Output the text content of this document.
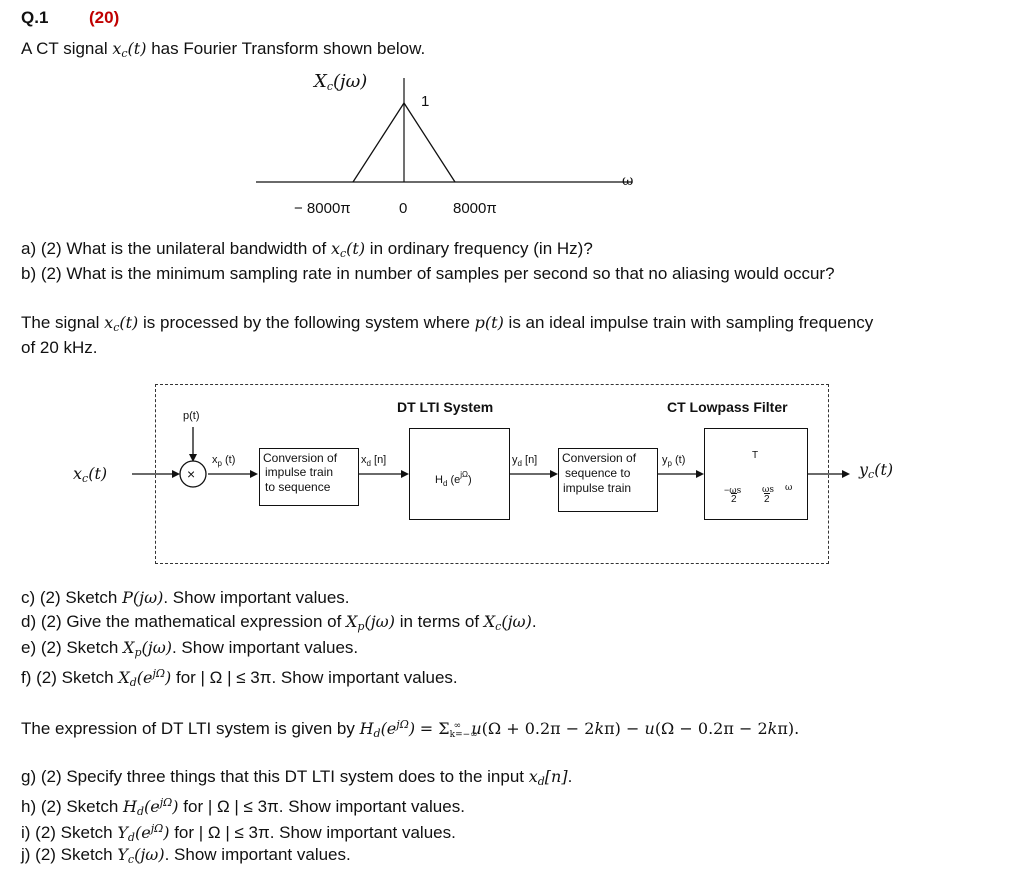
Q.1 (20)
A CT signal $x_c(t)$ has Fourier Transform shown below.
$X_c(j\omega)$
1
ω
− 8000π	0	8000π
a) (2) What is the unilateral bandwidth of $x_c(t)$ in ordinary frequency (in Hz)?
b) (2) What is the minimum sampling rate in number of samples per second so that no aliasing would occur?
The signal $x_c(t)$ is processed by the following system where p(t) is an ideal impulse train with sampling frequency
of 20 kHz.
$x_c(t)$	$y_c(t)$
p(t)
×
$x_p$ (t) Conversion of
impulse train
to sequence
$x_d$ [n]
DT LTI System
$H_d$ $(e^{j\Omega})$
$y_d$ [n] Conversion of
sequence to
impulse train
$y_p$ (t)
CT Lowpass Filter
T
−ωs
2
ωs
2
ω
c) (2) Sketch P(jω). Show important values.
d) (2) Give the mathematical expression of $X_p(j\omega)$ in terms of $X_c(j\omega)$.
e) (2) Sketch $X_p(j\omega)$. Show important values.
f) (2) Sketch $X_d(e^{j\Omega})$ for | Ω | ≤ 3π. Show important values.
The expression of DT LTI system is given by $H_d(e^{j\Omega}) = \Sigma_{k=-\infty}^\infty$ u(Ω + 0.2π − 2kπ) − u(Ω − 0.2π − 2kπ).
g) (2) Specify three things that this DT LTI system does to the input $x_d[n]$.
h) (2) Sketch $H_d(e^{j\Omega})$ for | Ω | ≤ 3π. Show important values.
i) (2) Sketch $Y_d(e^{j\Omega})$ for | Ω | ≤ 3π. Show important values.
j) (2) Sketch $Y_c(j\omega)$. Show important values.
